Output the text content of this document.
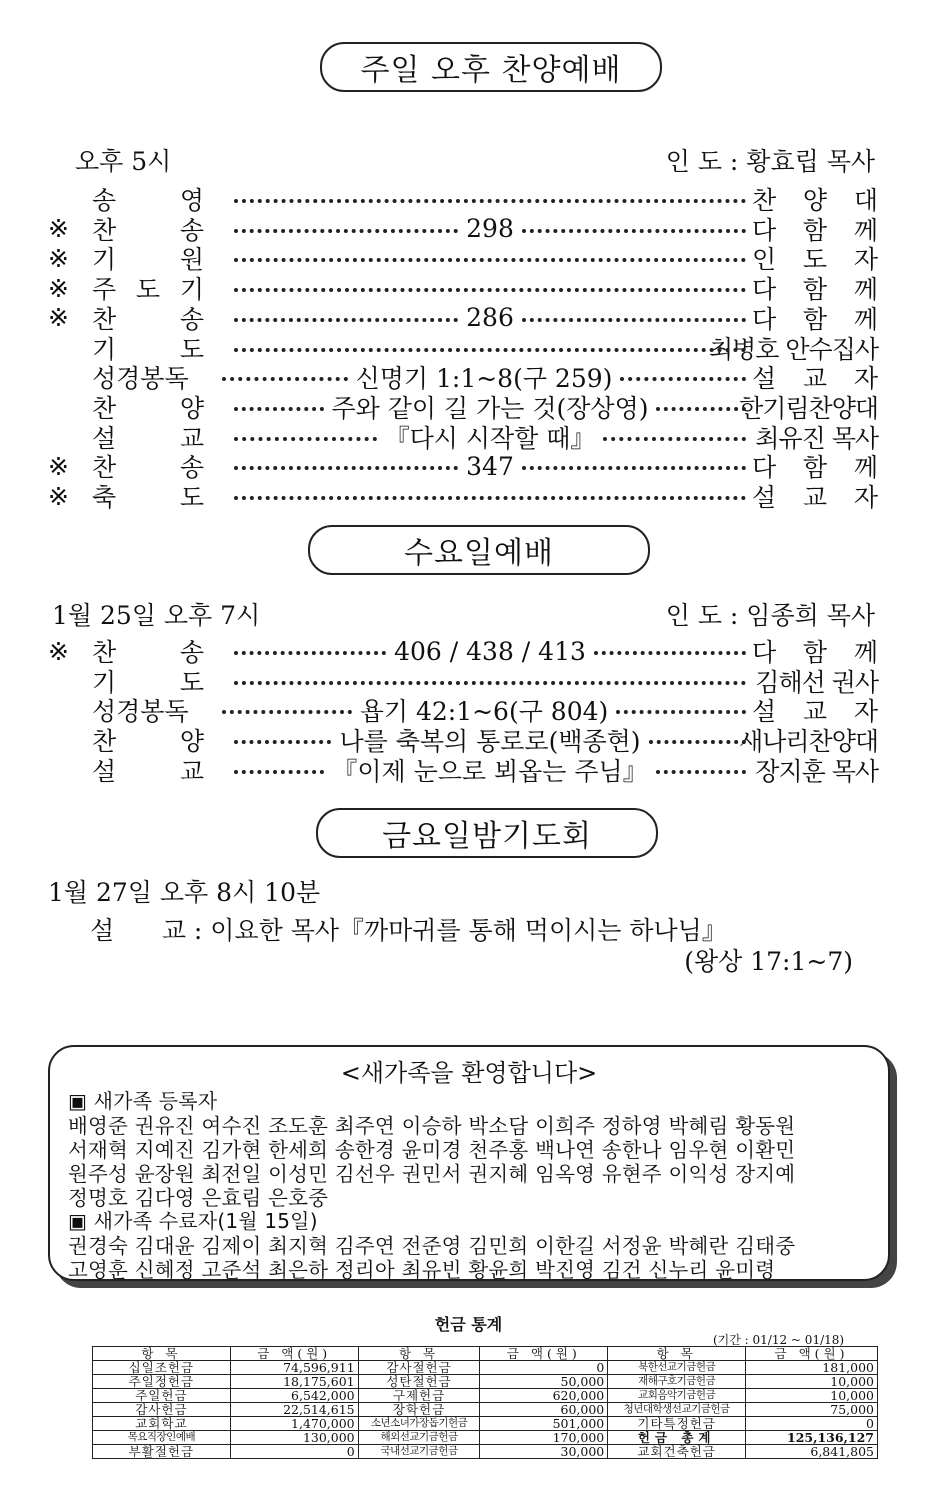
주일 오후 찬양예배
오후 5시	인 도 : 황효립 목사
송	영	찬 양 대
※ 찬	송	298	다 함 께
※ 기	원	인 도 자
※ 주 도 기	다 함 께
※ 찬	송	286	다 함 께
기	도	최병호 안수집사
성경봉독	신명기 1:1~8(구 259)	설 교 자
찬	양	주와 같이 길 가는 것(장상영)	한기림찬양대
설	교	『다시 시작할 때』	최유진 목사
※ 찬	송	347	다 함 께
※ 축	도	설 교 자
수요일예배
1월 25일 오후 7시	인 도 : 임종희 목사
※ 찬	송	406 / 438 / 413	다 함 께
기	도	김해선 권사
성경봉독	욥기 42:1~6(구 804)	설 교 자
찬	양	나를 축복의 통로로(백종현)	새나리찬양대
설	교	『이제 눈으로 뵈옵는 주님』	장지훈 목사
금요일밤기도회
1월 27일 오후 8시 10분
설      교 : 이요한 목사『까마귀를 통해 먹이시는 하나님』
(왕상 17:1~7)
<새가족을 환영합니다>
▣ 새가족 등록자
배영준 권유진 여수진 조도훈 최주연 이승하 박소담 이희주 정하영 박혜림 황동원
서재혁 지예진 김가현 한세희 송한경 윤미경 천주홍 백나연 송한나 임우현 이환민
원주성 윤장원 최전일 이성민 김선우 권민서 권지혜 임옥영 유현주 이익성 장지예
정명호 김다영 은효림 은호중
▣ 새가족 수료자(1월 15일)
권경숙 김대윤 김제이 최지혁 김주연 전준영 김민희 이한길 서정윤 박혜란 김태중
고영훈 신혜정 고준석 최은하 정리아 최유빈 황윤희 박진영 김건 신누리 윤미령
헌금 통계
(기간 : 01/12 ~ 01/18)
항 목	금 액(원)	항 목	금 액(원)	항 목	금 액(원)
십일조헌금	74,596,911	감사절헌금	0	북한선교기금헌금	181,000
주일정헌금	18,175,601	성탄절헌금	50,000	재해구호기금헌금	10,000
주일헌금	6,542,000	구제헌금	620,000	교회음악기금헌금	10,000
감사헌금	22,514,615	장학헌금	60,000	청년대학생선교기금헌금	75,000
교회학교	1,470,000	소년소녀가장돕기헌금	501,000	기타특정헌금	0
목요직장인예배	130,000	해외선교기금헌금	170,000	헌금 총계	125,136,127
부활절헌금	0	국내선교기금헌금	30,000	교회건축헌금	6,841,805
